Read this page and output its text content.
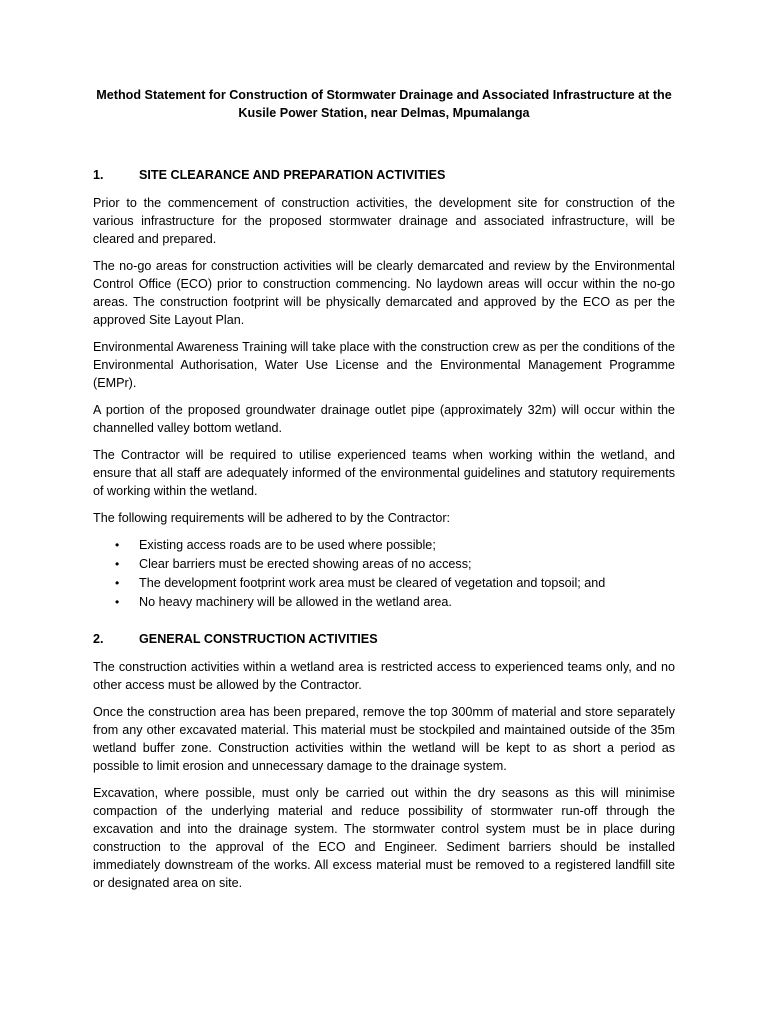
Method Statement for Construction of Stormwater Drainage and Associated Infrastructure at the Kusile Power Station, near Delmas, Mpumalanga
1.	SITE CLEARANCE AND PREPARATION ACTIVITIES

Prior to the commencement of construction activities, the development site for construction of the various infrastructure for the proposed stormwater drainage and associated infrastructure, will be cleared and prepared.

The no-go areas for construction activities will be clearly demarcated and review by the Environmental Control Office (ECO) prior to construction commencing. No laydown areas will occur within the no-go areas. The construction footprint will be physically demarcated and approved by the ECO as per the approved Site Layout Plan.

Environmental Awareness Training will take place with the construction crew as per the conditions of the Environmental Authorisation, Water Use License and the Environmental Management Programme (EMPr).

A portion of the proposed groundwater drainage outlet pipe (approximately 32m) will occur within the channelled valley bottom wetland.

The Contractor will be required to utilise experienced teams when working within the wetland, and ensure that all staff are adequately informed of the environmental guidelines and statutory requirements of working within the wetland.

The following requirements will be adhered to by the Contractor:

•	Existing access roads are to be used where possible;
•	Clear barriers must be erected showing areas of no access;
•	The development footprint work area must be cleared of vegetation and topsoil; and
•	No heavy machinery will be allowed in the wetland area.
2.	GENERAL CONSTRUCTION ACTIVITIES

The construction activities within a wetland area is restricted access to experienced teams only, and no other access must be allowed by the Contractor.

Once the construction area has been prepared, remove the top 300mm of material and store separately from any other excavated material. This material must be stockpiled and maintained outside of the 35m wetland buffer zone. Construction activities within the wetland will be kept to as short a period as possible to limit erosion and unnecessary damage to the drainage system.

Excavation, where possible, must only be carried out within the dry seasons as this will minimise compaction of the underlying material and reduce possibility of stormwater run-off through the excavation and into the drainage system. The stormwater control system must be in place during construction to the approval of the ECO and Engineer. Sediment barriers should be installed immediately downstream of the works. All excess material must be removed to a registered landfill site or designated area on site.
